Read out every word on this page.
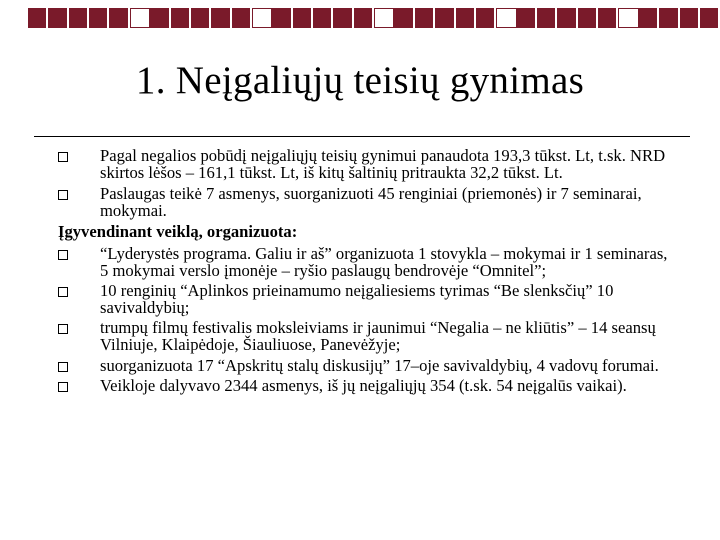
1. Neįgaliųjų teisių gynimas
Pagal negalios pobūdį neįgaliųjų teisių gynimui panaudota 193,3 tūkst. Lt, t.sk. NRD skirtos lėšos – 161,1 tūkst. Lt, iš kitų šaltinių pritraukta 32,2 tūkst. Lt.
Paslaugas teikė 7 asmenys, suorganizuoti 45 renginiai (priemonės) ir 7 seminarai, mokymai.
Įgyvendinant veiklą, organizuota:
“Lyderystės programa. Galiu ir aš” organizuota 1 stovykla – mokymai ir 1 seminaras, 5 mokymai verslo įmonėje – ryšio paslaugų bendrovėje “Omnitel”;
10 renginių “Aplinkos prieinamumo neįgaliesiems tyrimas “Be slenksčių” 10 savivaldybių;
trumpų filmų festivalis moksleiviams ir jaunimui “Negalia – ne kliūtis” – 14 seansų Vilniuje, Klaipėdoje, Šiauliuose, Panevėžyje;
suorganizuota 17 “Apskritų stalų diskusijų” 17–oje savivaldybių, 4 vadovų forumai.
Veikloje dalyvavo 2344 asmenys, iš jų neįgaliųjų 354 (t.sk. 54 neįgalūs vaikai).
